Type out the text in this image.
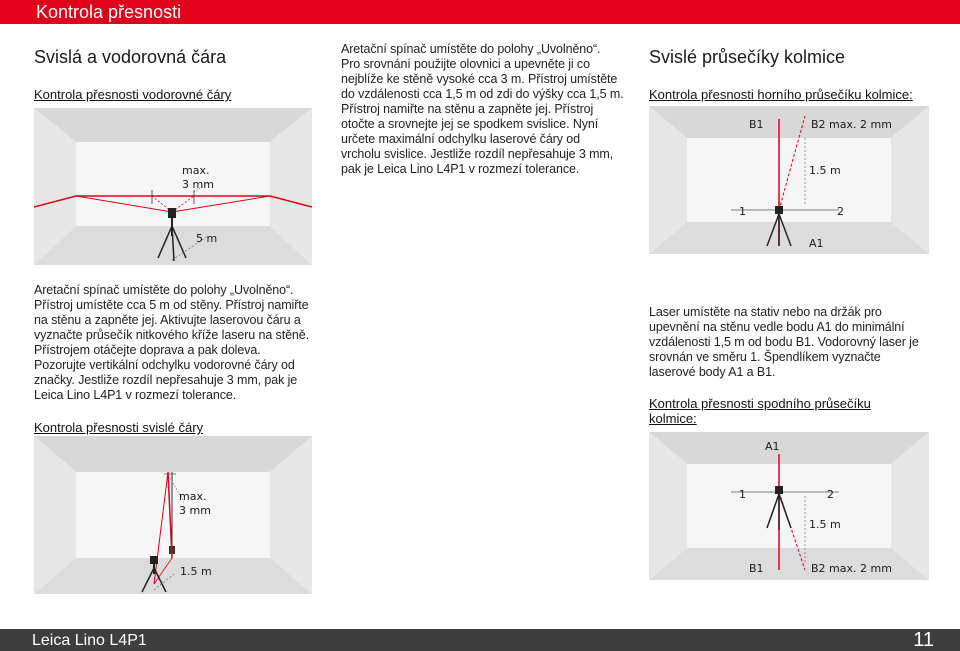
Kontrola přesnosti
Svislá a vodorovná čára
Kontrola přesnosti vodorovné čáry
max.
3 mm
5 m
Aretační spínač umístěte do polohy „Uvolněno“.
Přístroj umístěte cca 5 m od stěny. Přístroj namiřte
na stěnu a zapněte jej. Aktivujte laserovou čáru a
vyznačte průsečík nitkového kříže laseru na stěně.
Přístrojem otáčejte doprava a pak doleva.
Pozorujte vertikální odchylku vodorovné čáry od
značky. Jestliže rozdíl nepřesahuje 3 mm, pak je
Leica Lino L4P1 v rozmezí tolerance.
Kontrola přesnosti svislé čáry
max.
3 mm
1.5 m
Aretační spínač umístěte do polohy „Uvolněno“.
Pro srovnání použijte olovnici a upevněte ji co
nejblíže ke stěně vysoké cca 3 m. Přístroj umístěte
do vzdálenosti cca 1,5 m od zdi do výšky cca 1,5 m.
Přístroj namiřte na stěnu a zapněte jej. Přístroj
otočte a srovnejte jej se spodkem svislice. Nyní
určete maximální odchylku laserové čáry od
vrcholu svislice. Jestliže rozdíl nepřesahuje 3 mm,
pak je Leica Lino L4P1 v rozmezí tolerance.
Svislé průsečíky kolmice
Kontrola přesnosti horního průsečíku kolmice:
B1	B2 max. 2 mm
1.5 m
1	2
A1
Laser umístěte na stativ nebo na držák pro
upevnění na stěnu vedle bodu A1 do minimální
vzdálenosti 1,5 m od bodu B1. Vodorovný laser je
srovnán ve směru 1. Špendlíkem vyznačte
laserové body A1 a B1.
Kontrola přesnosti spodního průsečíku
kolmice:
A1
1	2
1.5 m
B1	B2 max. 2 mm
Leica Lino L4P1	11
